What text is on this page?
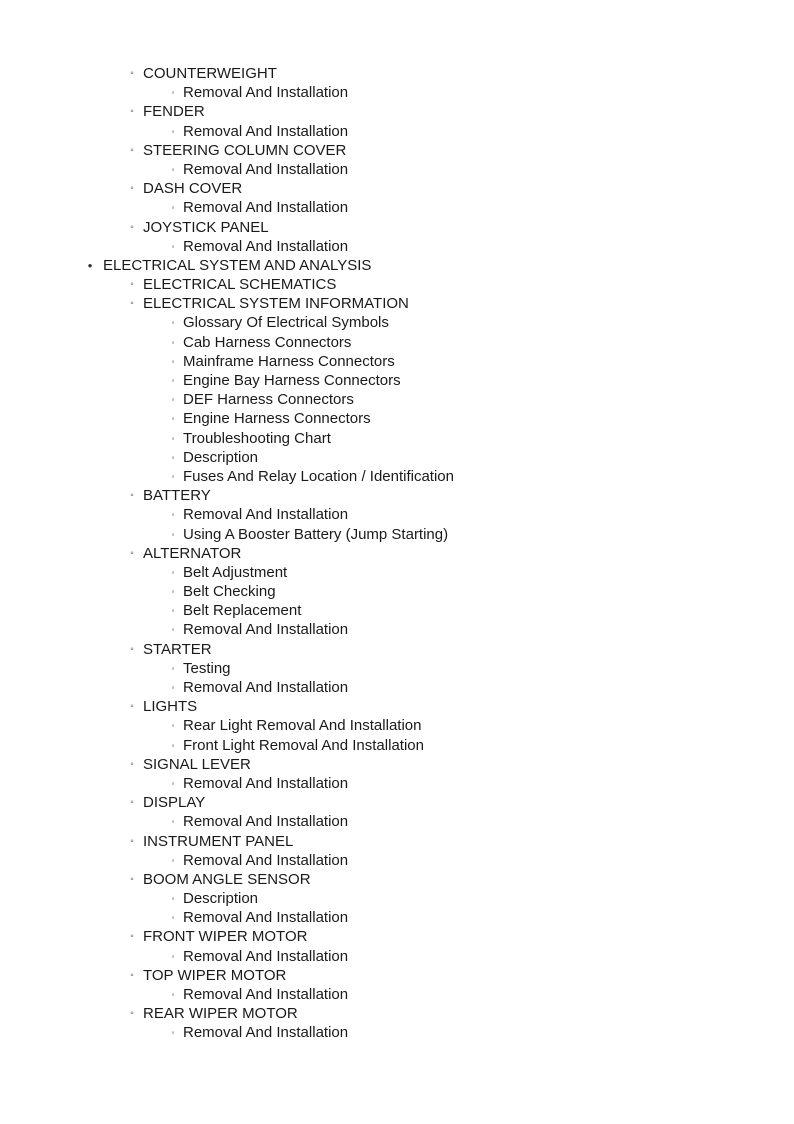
◦ COUNTERWEIGHT
◦ Removal And Installation
◦ FENDER
◦ Removal And Installation
◦ STEERING COLUMN COVER
◦ Removal And Installation
◦ DASH COVER
◦ Removal And Installation
◦ JOYSTICK PANEL
◦ Removal And Installation
• ELECTRICAL SYSTEM AND ANALYSIS
◦ ELECTRICAL SCHEMATICS
◦ ELECTRICAL SYSTEM INFORMATION
◦ Glossary Of Electrical Symbols
◦ Cab Harness Connectors
◦ Mainframe Harness Connectors
◦ Engine Bay Harness Connectors
◦ DEF Harness Connectors
◦ Engine Harness Connectors
◦ Troubleshooting Chart
◦ Description
◦ Fuses And Relay Location / Identification
◦ BATTERY
◦ Removal And Installation
◦ Using A Booster Battery (Jump Starting)
◦ ALTERNATOR
◦ Belt Adjustment
◦ Belt Checking
◦ Belt Replacement
◦ Removal And Installation
◦ STARTER
◦ Testing
◦ Removal And Installation
◦ LIGHTS
◦ Rear Light Removal And Installation
◦ Front Light Removal And Installation
◦ SIGNAL LEVER
◦ Removal And Installation
◦ DISPLAY
◦ Removal And Installation
◦ INSTRUMENT PANEL
◦ Removal And Installation
◦ BOOM ANGLE SENSOR
◦ Description
◦ Removal And Installation
◦ FRONT WIPER MOTOR
◦ Removal And Installation
◦ TOP WIPER MOTOR
◦ Removal And Installation
◦ REAR WIPER MOTOR
◦ Removal And Installation
